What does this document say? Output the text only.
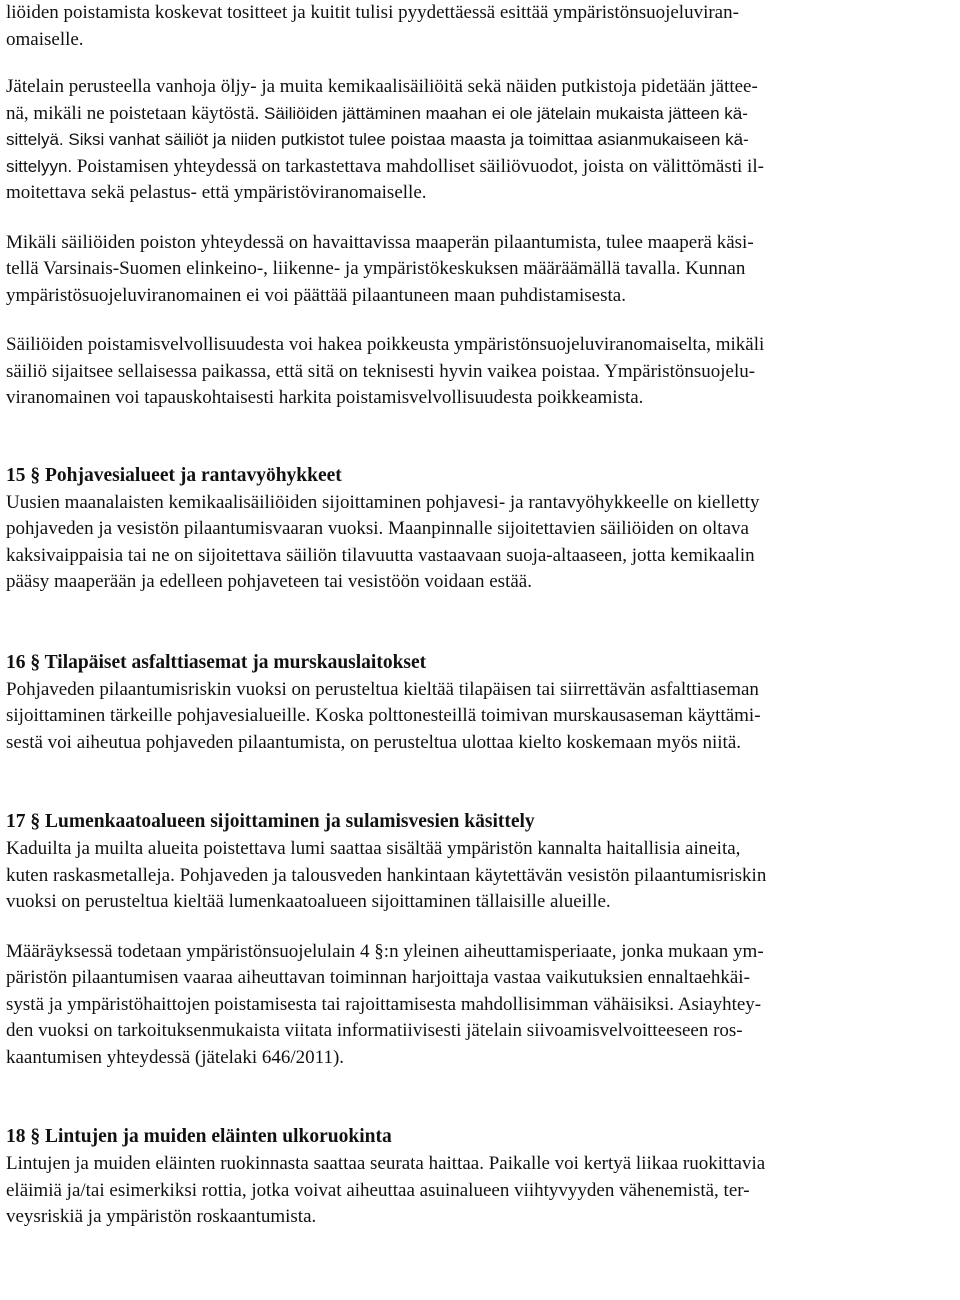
liöiden poistamista koskevat tositteet ja kuitit tulisi pyydettäessä esittää ympäristönsuojeluviran-
omaiselle.

Jätelain perusteella vanhoja öljy- ja muita kemikaalisäiliöitä sekä näiden putkistoja pidetään jättee-
nä, mikäli ne poistetaan käytöstä. Säiliöiden jättäminen maahan ei ole jätelain mukaista jätteen kä-
sittelyä. Siksi vanhat säiliöt ja niiden putkistot tulee poistaa maasta ja toimittaa asianmukaiseen kä-
sittelyyn. Poistamisen yhteydessä on tarkastettava mahdolliset säiliövuodot, joista on välittömästi il-
moitettava sekä pelastus- että ympäristöviranomaiselle.

Mikäli säiliöiden poiston yhteydessä on havaittavissa maaperän pilaantumista, tulee maaperä käsi-
tellä Varsinais-Suomen elinkeino-, liikenne- ja ympäristökeskuksen määräämällä tavalla. Kunnan
ympäristösuojeluviranomainen ei voi päättää pilaantuneen maan puhdistamisesta.

Säiliöiden poistamisvelvollisuudesta voi hakea poikkeusta ympäristönsuojeluviranomaiselta, mikäli
säiliö sijaitsee sellaisessa paikassa, että sitä on teknisesti hyvin vaikea poistaa. Ympäristönsuojelu-
viranomainen voi tapauskohtaisesti harkita poistamisvelvollisuudesta poikkeamista.

15 § Pohjavesialueet ja rantavyöhykkeet

Uusien maanalaisten kemikaalisäiliöiden sijoittaminen pohjavesi- ja rantavyöhykkeelle on kielletty
pohjaveden ja vesistön pilaantumisvaaran vuoksi. Maanpinnalle sijoitettavien säiliöiden on oltava
kaksivaippaisia tai ne on sijoitettava säiliön tilavuutta vastaavaan suoja-altaaseen, jotta kemikaalin
pääsy maaperään ja edelleen pohjaveteen tai vesistöön voidaan estää.

16 § Tilapäiset asfalttiasemat ja murskauslaitokset

Pohjaveden pilaantumisriskin vuoksi on perusteltua kieltää tilapäisen tai siirrettävän asfalttiaseman
sijoittaminen tärkeille pohjavesialueille. Koska polttonesteillä toimivan murskausaseman käyttämi-
sestä voi aiheutua pohjaveden pilaantumista, on perusteltua ulottaa kielto koskemaan myös niitä.

17 § Lumenkaatoalueen sijoittaminen ja sulamisvesien käsittely

Kaduilta ja muilta alueita poistettava lumi saattaa sisältää ympäristön kannalta haitallisia aineita,
kuten raskasmetalleja. Pohjaveden ja talousveden hankintaan käytettävän vesistön pilaantumisriskin
vuoksi on perusteltua kieltää lumenkaatoalueen sijoittaminen tällaisille alueille.

Määräyksessä todetaan ympäristönsuojelulain 4 §:n yleinen aiheuttamisperiaate, jonka mukaan ym-
päristön pilaantumisen vaaraa aiheuttavan toiminnan harjoittaja vastaa vaikutuksien ennaltaehkäi-
systä ja ympäristöhaittojen poistamisesta tai rajoittamisesta mahdollisimman vähäisiksi. Asiayhtey-
den vuoksi on tarkoituksenmukaista viitata informatiivisesti jätelain siivoamisvelvoitteeseen ros-
kaantumisen yhteydessä (jätelaki 646/2011).

18 § Lintujen ja muiden eläinten ulkoruokinta

Lintujen ja muiden eläinten ruokinnasta saattaa seurata haittaa. Paikalle voi kertyä liikaa ruokittavia
eläimiä ja/tai esimerkiksi rottia, jotka voivat aiheuttaa asuinalueen viihtyvyyden vähenemistä, ter-
veysriskiä ja ympäristön roskaantumista.
